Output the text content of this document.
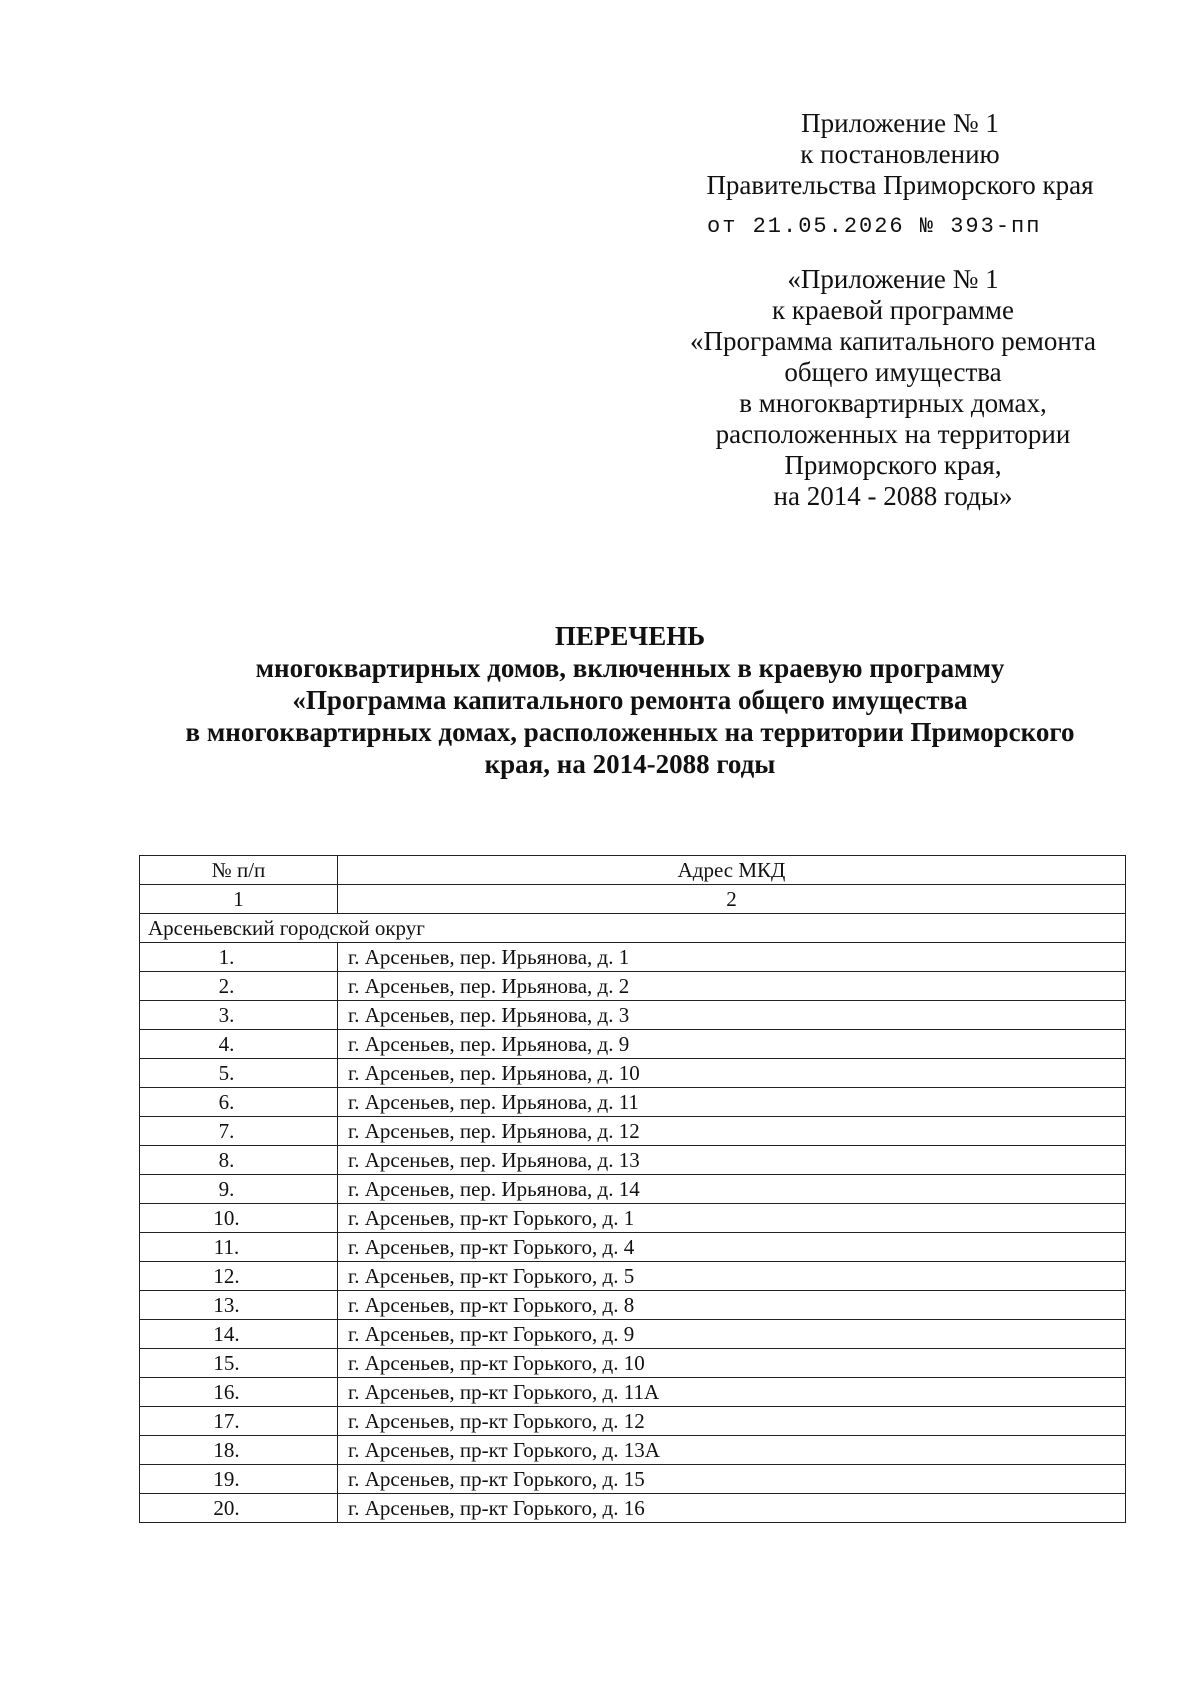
Приложение № 1
к постановлению
Правительства Приморского края
от 21.05.2026 № 393-пп
«Приложение № 1
к краевой программе
«Программа капитального ремонта
общего имущества
в многоквартирных домах,
расположенных на территории
Приморского края,
на 2014 - 2088 годы»
ПЕРЕЧЕНЬ
многоквартирных домов, включенных в краевую программу
«Программа капитального ремонта общего имущества
в многоквартирных домах, расположенных на территории Приморского
края, на 2014-2088 годы
№ п/п	Адрес МКД
1	2
Арсеньевский городской округ	
1.	г. Арсеньев, пер. Ирьянова, д. 1
2.	г. Арсеньев, пер. Ирьянова, д. 2
3.	г. Арсеньев, пер. Ирьянова, д. 3
4.	г. Арсеньев, пер. Ирьянова, д. 9
5.	г. Арсеньев, пер. Ирьянова, д. 10
6.	г. Арсеньев, пер. Ирьянова, д. 11
7.	г. Арсеньев, пер. Ирьянова, д. 12
8.	г. Арсеньев, пер. Ирьянова, д. 13
9.	г. Арсеньев, пер. Ирьянова, д. 14
10.	г. Арсеньев, пр-кт Горького, д. 1
11.	г. Арсеньев, пр-кт Горького, д. 4
12.	г. Арсеньев, пр-кт Горького, д. 5
13.	г. Арсеньев, пр-кт Горького, д. 8
14.	г. Арсеньев, пр-кт Горького, д. 9
15.	г. Арсеньев, пр-кт Горького, д. 10
16.	г. Арсеньев, пр-кт Горького, д. 11А
17.	г. Арсеньев, пр-кт Горького, д. 12
18.	г. Арсеньев, пр-кт Горького, д. 13А
19.	г. Арсеньев, пр-кт Горького, д. 15
20.	г. Арсеньев, пр-кт Горького, д. 16
